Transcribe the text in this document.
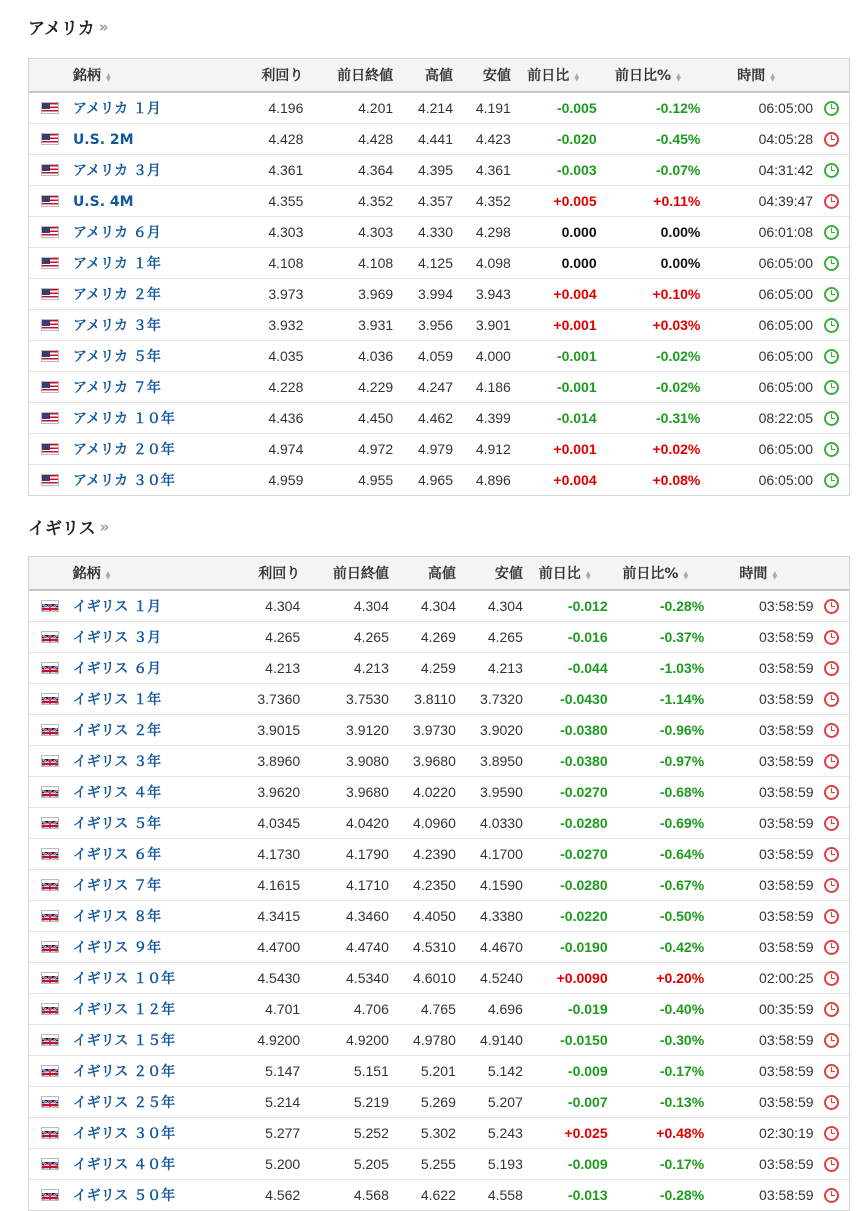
アメリカ »
銘柄 ▲▼	利回り	前日終値	高値	安値	前日比 ▲▼	前日比% ▲▼	時間 ▲▼
アメリカ １月	4.196	4.201	4.214	4.191	-0.005	-0.12%	06:05:00
U.S. 2M	4.428	4.428	4.441	4.423	-0.020	-0.45%	04:05:28
アメリカ ３月	4.361	4.364	4.395	4.361	-0.003	-0.07%	04:31:42
U.S. 4M	4.355	4.352	4.357	4.352	+0.005	+0.11%	04:39:47
アメリカ ６月	4.303	4.303	4.330	4.298	0.000	0.00%	06:01:08
アメリカ １年	4.108	4.108	4.125	4.098	0.000	0.00%	06:05:00
アメリカ ２年	3.973	3.969	3.994	3.943	+0.004	+0.10%	06:05:00
アメリカ ３年	3.932	3.931	3.956	3.901	+0.001	+0.03%	06:05:00
アメリカ ５年	4.035	4.036	4.059	4.000	-0.001	-0.02%	06:05:00
アメリカ ７年	4.228	4.229	4.247	4.186	-0.001	-0.02%	06:05:00
アメリカ １０年	4.436	4.450	4.462	4.399	-0.014	-0.31%	08:22:05
アメリカ ２０年	4.974	4.972	4.979	4.912	+0.001	+0.02%	06:05:00
アメリカ ３０年	4.959	4.955	4.965	4.896	+0.004	+0.08%	06:05:00
イギリス »
銘柄 ▲▼	利回り	前日終値	高値	安値	前日比 ▲▼	前日比% ▲▼	時間 ▲▼
イギリス １月	4.304	4.304	4.304	4.304	-0.012	-0.28%	03:58:59
イギリス ３月	4.265	4.265	4.269	4.265	-0.016	-0.37%	03:58:59
イギリス ６月	4.213	4.213	4.259	4.213	-0.044	-1.03%	03:58:59
イギリス １年	3.7360	3.7530	3.8110	3.7320	-0.0430	-1.14%	03:58:59
イギリス ２年	3.9015	3.9120	3.9730	3.9020	-0.0380	-0.96%	03:58:59
イギリス ３年	3.8960	3.9080	3.9680	3.8950	-0.0380	-0.97%	03:58:59
イギリス ４年	3.9620	3.9680	4.0220	3.9590	-0.0270	-0.68%	03:58:59
イギリス ５年	4.0345	4.0420	4.0960	4.0330	-0.0280	-0.69%	03:58:59
イギリス ６年	4.1730	4.1790	4.2390	4.1700	-0.0270	-0.64%	03:58:59
イギリス ７年	4.1615	4.1710	4.2350	4.1590	-0.0280	-0.67%	03:58:59
イギリス ８年	4.3415	4.3460	4.4050	4.3380	-0.0220	-0.50%	03:58:59
イギリス ９年	4.4700	4.4740	4.5310	4.4670	-0.0190	-0.42%	03:58:59
イギリス １０年	4.5430	4.5340	4.6010	4.5240	+0.0090	+0.20%	02:00:25
イギリス １２年	4.701	4.706	4.765	4.696	-0.019	-0.40%	00:35:59
イギリス １５年	4.9200	4.9200	4.9780	4.9140	-0.0150	-0.30%	03:58:59
イギリス ２０年	5.147	5.151	5.201	5.142	-0.009	-0.17%	03:58:59
イギリス ２５年	5.214	5.219	5.269	5.207	-0.007	-0.13%	03:58:59
イギリス ３０年	5.277	5.252	5.302	5.243	+0.025	+0.48%	02:30:19
イギリス ４０年	5.200	5.205	5.255	5.193	-0.009	-0.17%	03:58:59
イギリス ５０年	4.562	4.568	4.622	4.558	-0.013	-0.28%	03:58:59
